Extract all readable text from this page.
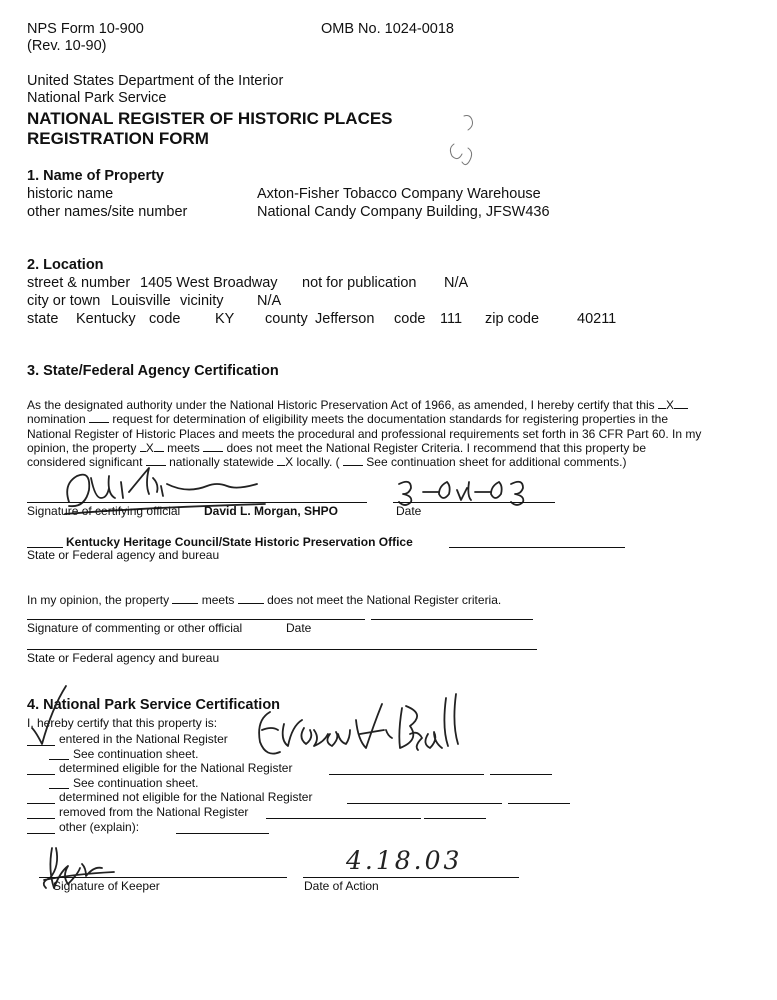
NPS Form 10-900
(Rev. 10-90)
OMB No. 1024-0018
United States Department of the Interior
National Park Service
NATIONAL REGISTER OF HISTORIC PLACES
REGISTRATION FORM
1. Name of Property
historic name	Axton-Fisher Tobacco Company Warehouse
other names/site number	National Candy Company Building, JFSW436
2. Location
street & number 1405 West Broadway not for publication N/A
city or town Louisville vicinity N/A
state Kentucky code KY county Jefferson code 111 zip code	40211
3. State/Federal Agency Certification
As the designated authority under the National Historic Preservation Act of 1966, as amended, I hereby certify that this X
nomination  request for determination of eligibility meets the documentation standards for registering properties in the
National Register of Historic Places and meets the procedural and professional requirements set forth in 36 CFR Part 60. In my
opinion, the property X meets  does not meet the National Register Criteria. I recommend that this property be
considered significant  nationally statewide X locally. (  See continuation sheet for additional comments.)
Signature of certifying official David L. Morgan, SHPO	Date
Kentucky Heritage Council/State Historic Preservation Office
State or Federal agency and bureau
In my opinion, the property  meets  does not meet the National Register criteria.
Signature of commenting or other official	Date
State or Federal agency and bureau
4. National Park Service Certification
I, hereby certify that this property is:
entered in the National Register
See continuation sheet.
determined eligible for the National Register
See continuation sheet.
determined not eligible for the National Register
removed from the National Register
other (explain):
Signature of Keeper
4.18.03
Date of Action
